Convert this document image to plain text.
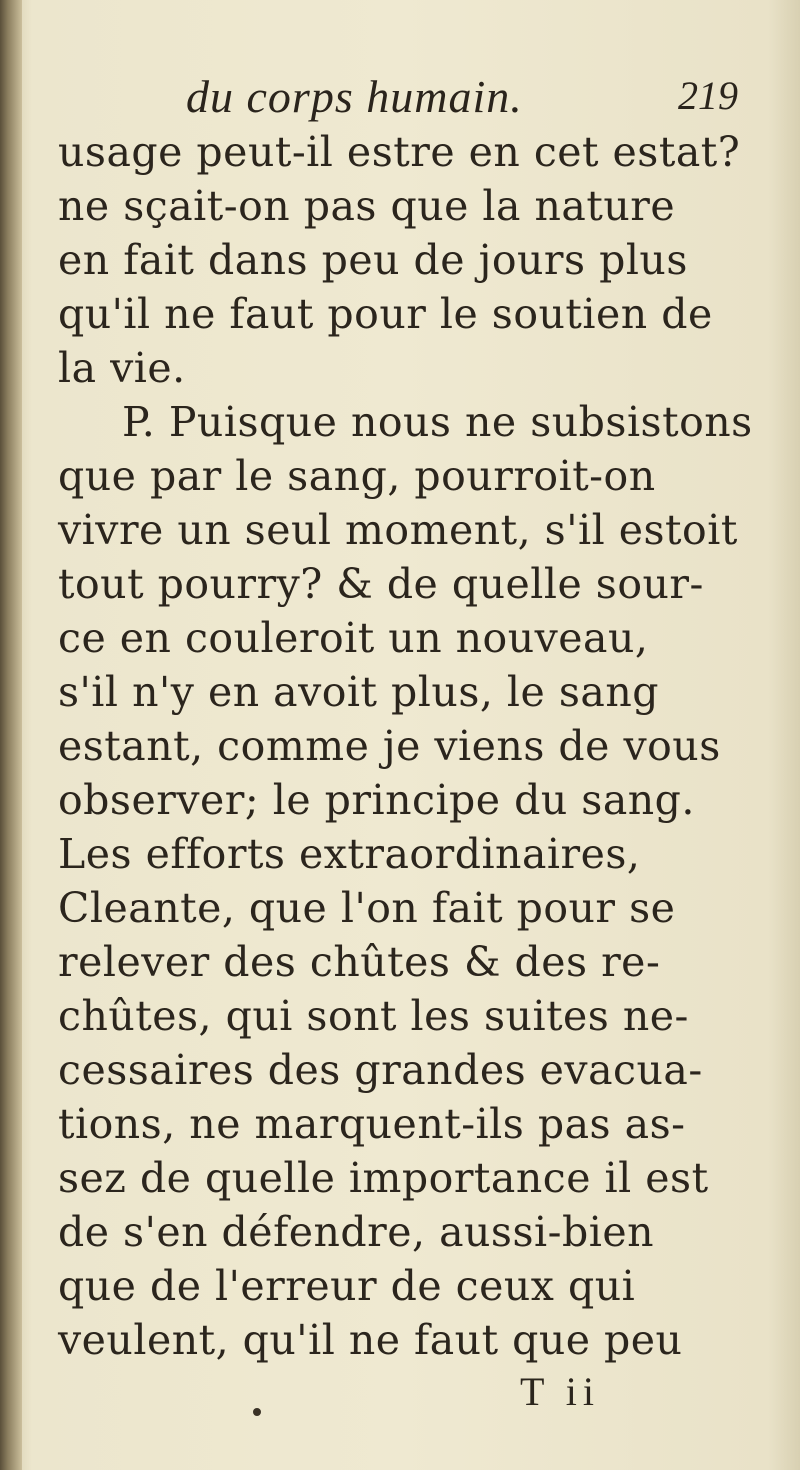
du corps humain.	219
usage peut-il estre en cet estat?
ne sçait-on pas que la nature
en fait dans peu de jours plus
qu'il ne faut pour le soutien de
la vie.
P. Puisque nous ne subsistons
que par le sang, pourroit-on
vivre un seul moment, s'il estoit
tout pourry? & de quelle sour-
ce en couleroit un nouveau,
s'il n'y en avoit plus, le sang
estant, comme je viens de vous
observer; le principe du sang.
Les efforts extraordinaires,
Cleante, que l'on fait pour se
relever des chûtes & des re-
chûtes, qui sont les suites ne-
cessaires des grandes evacua-
tions, ne marquent-ils pas as-
sez de quelle importance il est
de s'en défendre, aussi-bien
que de l'erreur de ceux qui
veulent, qu'il ne faut que peu
T ii
